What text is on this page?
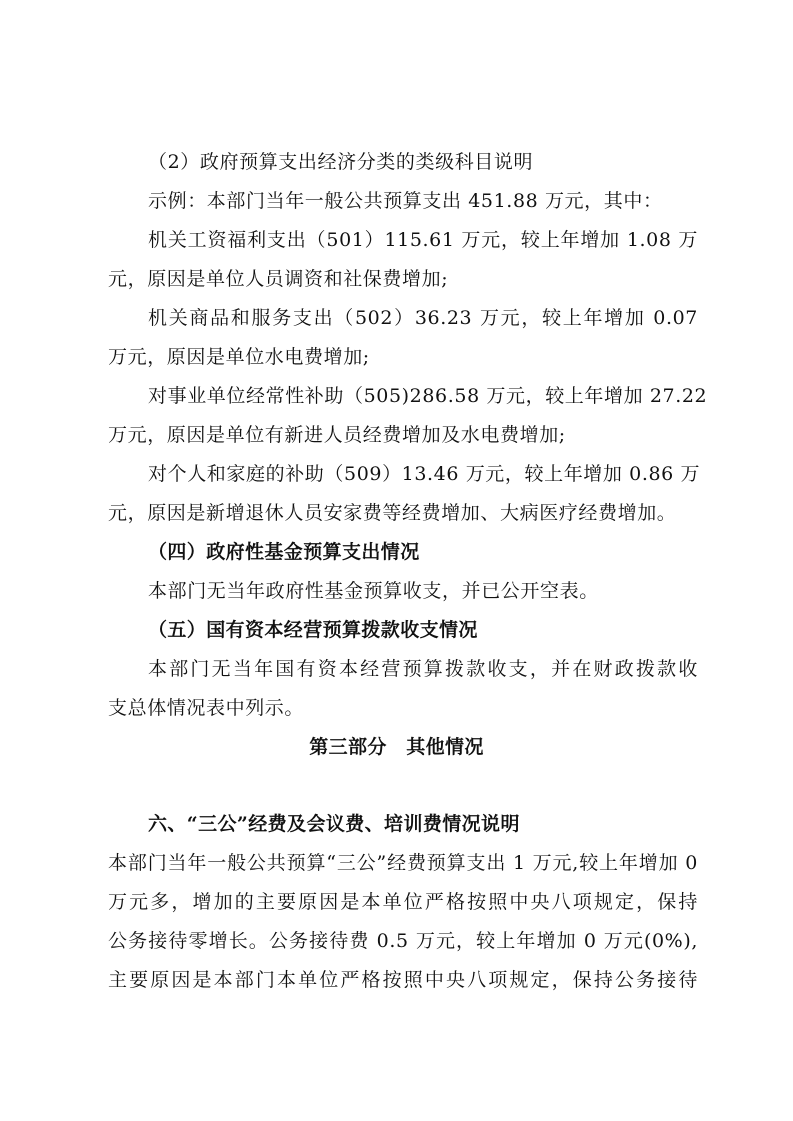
（2）政府预算支出经济分类的类级科目说明
示例：本部门当年一般公共预算支出 451.88 万元，其中：
机关工资福利支出（501）115.61 万元，较上年增加 1.08 万
元，原因是单位人员调资和社保费增加;
机关商品和服务支出（502）36.23 万元，较上年增加 0.07
万元，原因是单位水电费增加;
对事业单位经常性补助（505)286.58 万元，较上年增加 27.22
万元，原因是单位有新进人员经费增加及水电费增加;
对个人和家庭的补助（509）13.46 万元，较上年增加 0.86 万
元，原因是新增退休人员安家费等经费增加、大病医疗经费增加。
（四）政府性基金预算支出情况
本部门无当年政府性基金预算收支，并已公开空表。
（五）国有资本经营预算拨款收支情况
本部门无当年国有资本经营预算拨款收支，并在财政拨款收
支总体情况表中列示。
第三部分　其他情况
六、“三公”经费及会议费、培训费情况说明
本部门当年一般公共预算“三公”经费预算支出 1 万元,较上年增加 0
万元多，增加的主要原因是本单位严格按照中央八项规定，保持
公务接待零增长。公务接待费 0.5 万元，较上年增加 0 万元(0%),
主要原因是本部门本单位严格按照中央八项规定，保持公务接待
